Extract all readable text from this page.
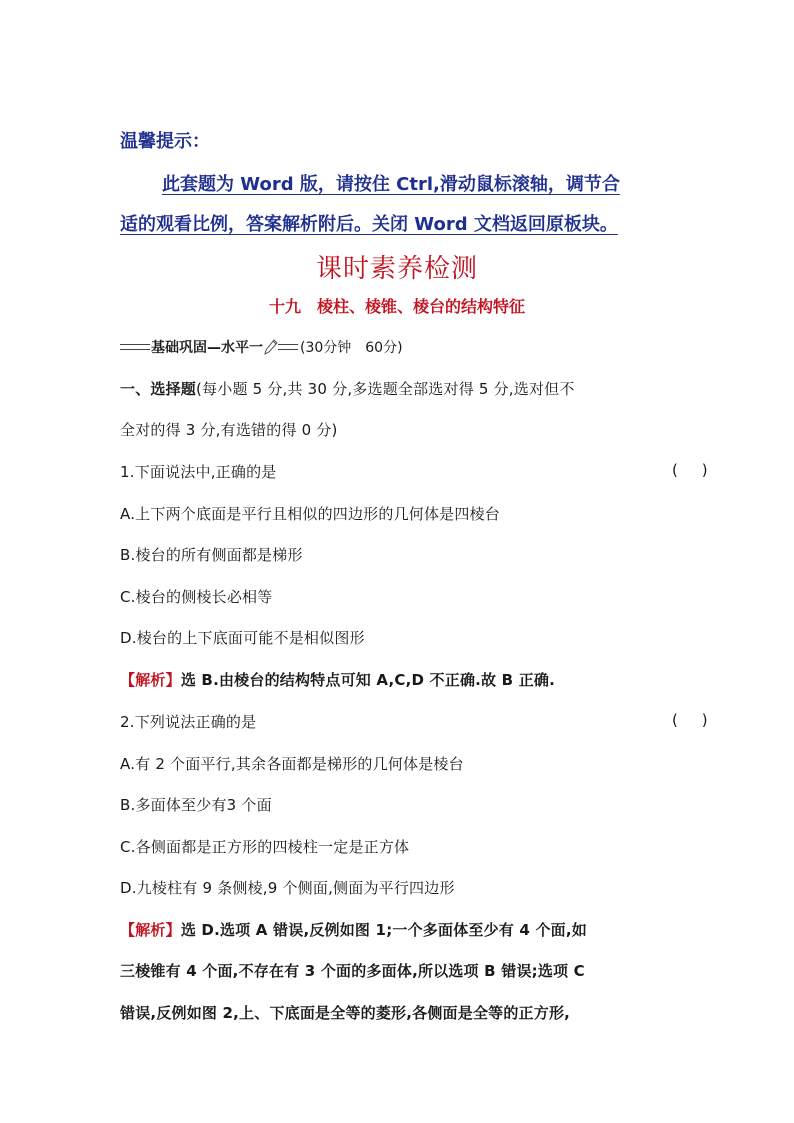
温馨提示：
此套题为 Word 版，请按住 Ctrl,滑动鼠标滚轴，调节合
适的观看比例，答案解析附后。关闭 Word 文档返回原板块。
课时素养检测
十九　棱柱、棱锥、棱台的结构特征
基础巩固—水平一	(30分钟　60分)
一、选择题(每小题 5 分,共 30 分,多选题全部选对得 5 分,选对但不
全对的得 3 分,有选错的得 0 分)
1.下面说法中,正确的是	(     )
A.上下两个底面是平行且相似的四边形的几何体是四棱台
B.棱台的所有侧面都是梯形
C.棱台的侧棱长必相等
D.棱台的上下底面可能不是相似图形
【解析】选 B.由棱台的结构特点可知 A,C,D 不正确.故 B 正确.
2.下列说法正确的是	(     )
A.有 2 个面平行,其余各面都是梯形的几何体是棱台
B.多面体至少有3 个面
C.各侧面都是正方形的四棱柱一定是正方体
D.九棱柱有 9 条侧棱,9 个侧面,侧面为平行四边形
【解析】选 D.选项 A 错误,反例如图 1;一个多面体至少有 4 个面,如
三棱锥有 4 个面,不存在有 3 个面的多面体,所以选项 B 错误;选项 C
错误,反例如图 2,上、下底面是全等的菱形,各侧面是全等的正方形,
